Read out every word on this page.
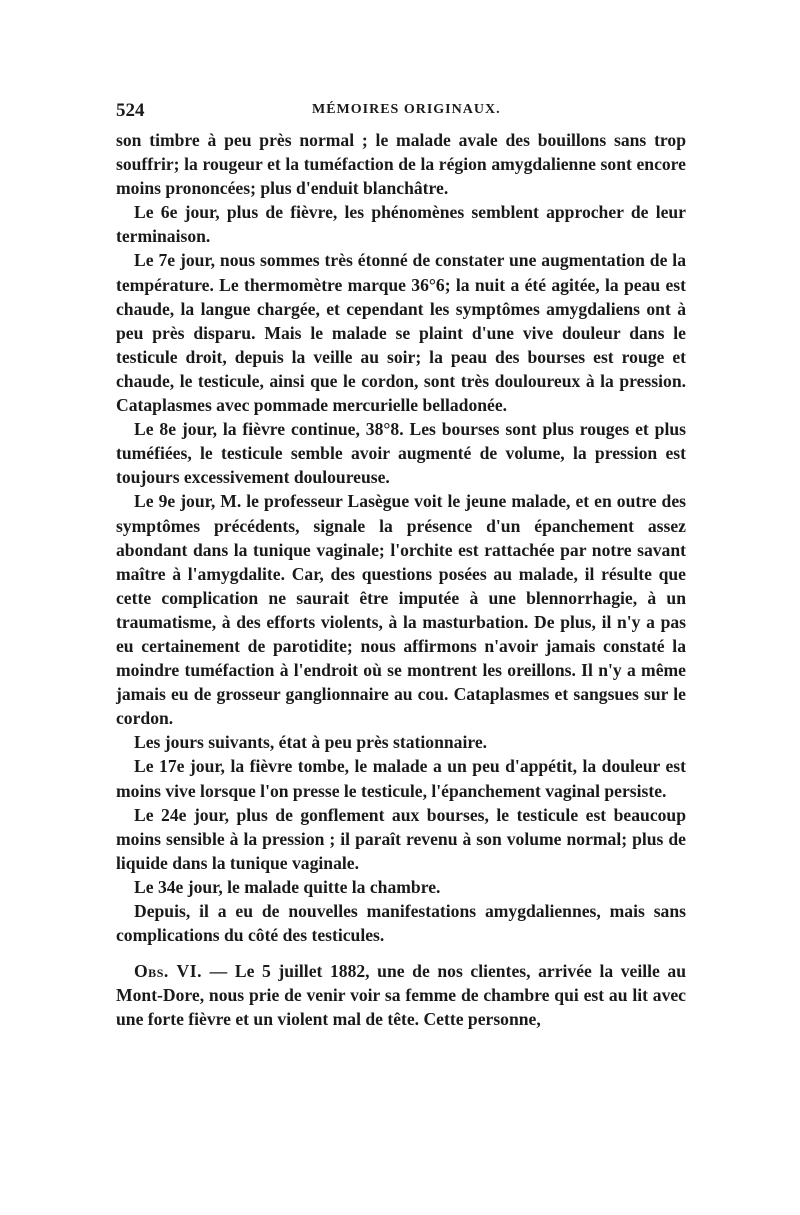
524	MÉMOIRES ORIGINAUX.

son timbre à peu près normal ; le malade avale des bouillons sans trop souffrir; la rougeur et la tuméfaction de la région amygdalienne sont encore moins prononcées; plus d'enduit blanchâtre.

Le 6e jour, plus de fièvre, les phénomènes semblent approcher de leur terminaison.

Le 7e jour, nous sommes très étonné de constater une augmentation de la température. Le thermomètre marque 36°6; la nuit a été agitée, la peau est chaude, la langue chargée, et cependant les symptômes amygdaliens ont à peu près disparu. Mais le malade se plaint d'une vive douleur dans le testicule droit, depuis la veille au soir; la peau des bourses est rouge et chaude, le testicule, ainsi que le cordon, sont très douloureux à la pression. Cataplasmes avec pommade mercurielle belladonée.

Le 8e jour, la fièvre continue, 38°8. Les bourses sont plus rouges et plus tuméfiées, le testicule semble avoir augmenté de volume, la pression est toujours excessivement douloureuse.

Le 9e jour, M. le professeur Lasègue voit le jeune malade, et en outre des symptômes précédents, signale la présence d'un épanchement assez abondant dans la tunique vaginale; l'orchite est rattachée par notre savant maître à l'amygdalite. Car, des questions posées au malade, il résulte que cette complication ne saurait être imputée à une blennorrhagie, à un traumatisme, à des efforts violents, à la masturbation. De plus, il n'y a pas eu certainement de parotidite; nous affirmons n'avoir jamais constaté la moindre tuméfaction à l'endroit où se montrent les oreillons. Il n'y a même jamais eu de grosseur ganglionnaire au cou. Cataplasmes et sangsues sur le cordon.

Les jours suivants, état à peu près stationnaire.

Le 17e jour, la fièvre tombe, le malade a un peu d'appétit, la douleur est moins vive lorsque l'on presse le testicule, l'épanchement vaginal persiste.

Le 24e jour, plus de gonflement aux bourses, le testicule est beaucoup moins sensible à la pression ; il paraît revenu à son volume normal; plus de liquide dans la tunique vaginale.

Le 34e jour, le malade quitte la chambre.

Depuis, il a eu de nouvelles manifestations amygdaliennes, mais sans complications du côté des testicules.

Obs. VI. — Le 5 juillet 1882, une de nos clientes, arrivée la veille au Mont-Dore, nous prie de venir voir sa femme de chambre qui est au lit avec une forte fièvre et un violent mal de tête. Cette personne,
